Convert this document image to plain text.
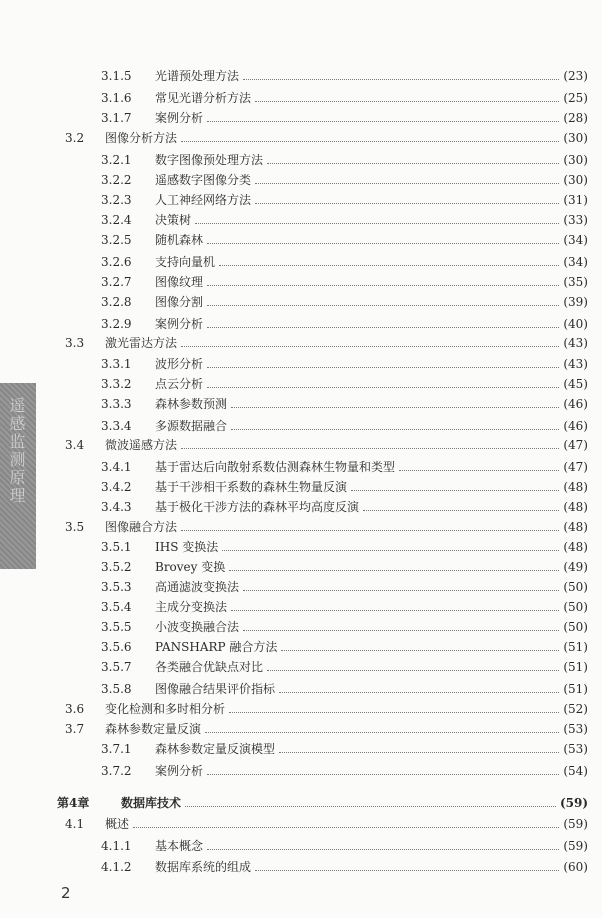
遥感监测原理
3.1.5	光谱预处理方法	(23)
3.1.6	常见光谱分析方法	(25)
3.1.7	案例分析	(28)
3.2	图像分析方法	(30)
3.2.1	数字图像预处理方法	(30)
3.2.2	遥感数字图像分类	(30)
3.2.3	人工神经网络方法	(31)
3.2.4	决策树	(33)
3.2.5	随机森林	(34)
3.2.6	支持向量机	(34)
3.2.7	图像纹理	(35)
3.2.8	图像分割	(39)
3.2.9	案例分析	(40)
3.3	激光雷达方法	(43)
3.3.1	波形分析	(43)
3.3.2	点云分析	(45)
3.3.3	森林参数预测	(46)
3.3.4	多源数据融合	(46)
3.4	微波遥感方法	(47)
3.4.1	基于雷达后向散射系数估测森林生物量和类型	(47)
3.4.2	基于干涉相干系数的森林生物量反演	(48)
3.4.3	基于极化干涉方法的森林平均高度反演	(48)
3.5	图像融合方法	(48)
3.5.1	IHS 变换法	(48)
3.5.2	Brovey 变换	(49)
3.5.3	高通滤波变换法	(50)
3.5.4	主成分变换法	(50)
3.5.5	小波变换融合法	(50)
3.5.6	PANSHARP 融合方法	(51)
3.5.7	各类融合优缺点对比	(51)
3.5.8	图像融合结果评价指标	(51)
3.6	变化检测和多时相分析	(52)
3.7	森林参数定量反演	(53)
3.7.1	森林参数定量反演模型	(53)
3.7.2	案例分析	(54)
第4章	数据库技术	(59)
4.1	概述	(59)
4.1.1	基本概念	(59)
4.1.2	数据库系统的组成	(60)
2
